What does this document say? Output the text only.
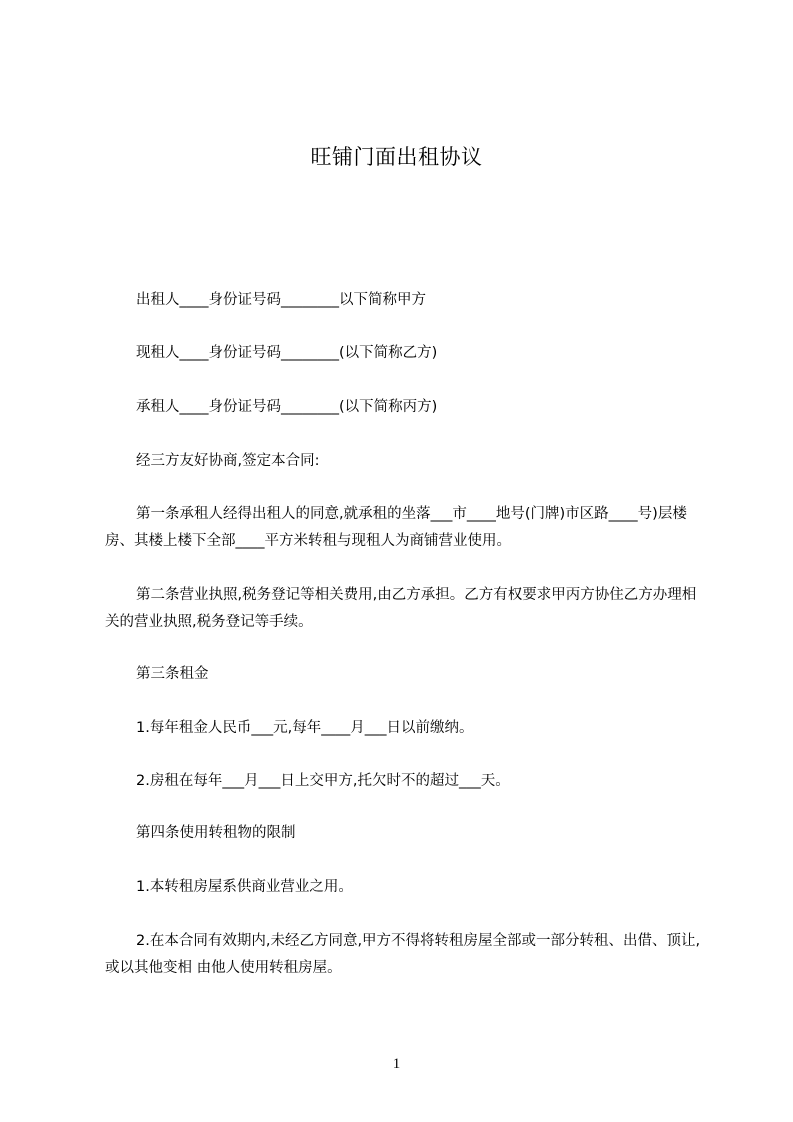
旺铺门面出租协议
出租人____身份证号码________以下简称甲方
现租人____身份证号码________(以下简称乙方)
承租人____身份证号码________(以下简称丙方)
经三方友好协商,签定本合同:
第一条承租人经得出租人的同意,就承租的坐落___市____地号(门牌)市区路____号)层楼房、其楼上楼下全部____平方米转租与现租人为商铺营业使用。
第二条营业执照,税务登记等相关费用,由乙方承担。乙方有权要求甲丙方协住乙方办理相关的营业执照,税务登记等手续。
第三条租金
1.每年租金人民币___元,每年____月___日以前缴纳。
2.房租在每年___月___日上交甲方,托欠时不的超过___天。
第四条使用转租物的限制
1.本转租房屋系供商业营业之用。
2.在本合同有效期内,未经乙方同意,甲方不得将转租房屋全部或一部分转租、出借、顶让,或以其他变相 由他人使用转租房屋。
1
